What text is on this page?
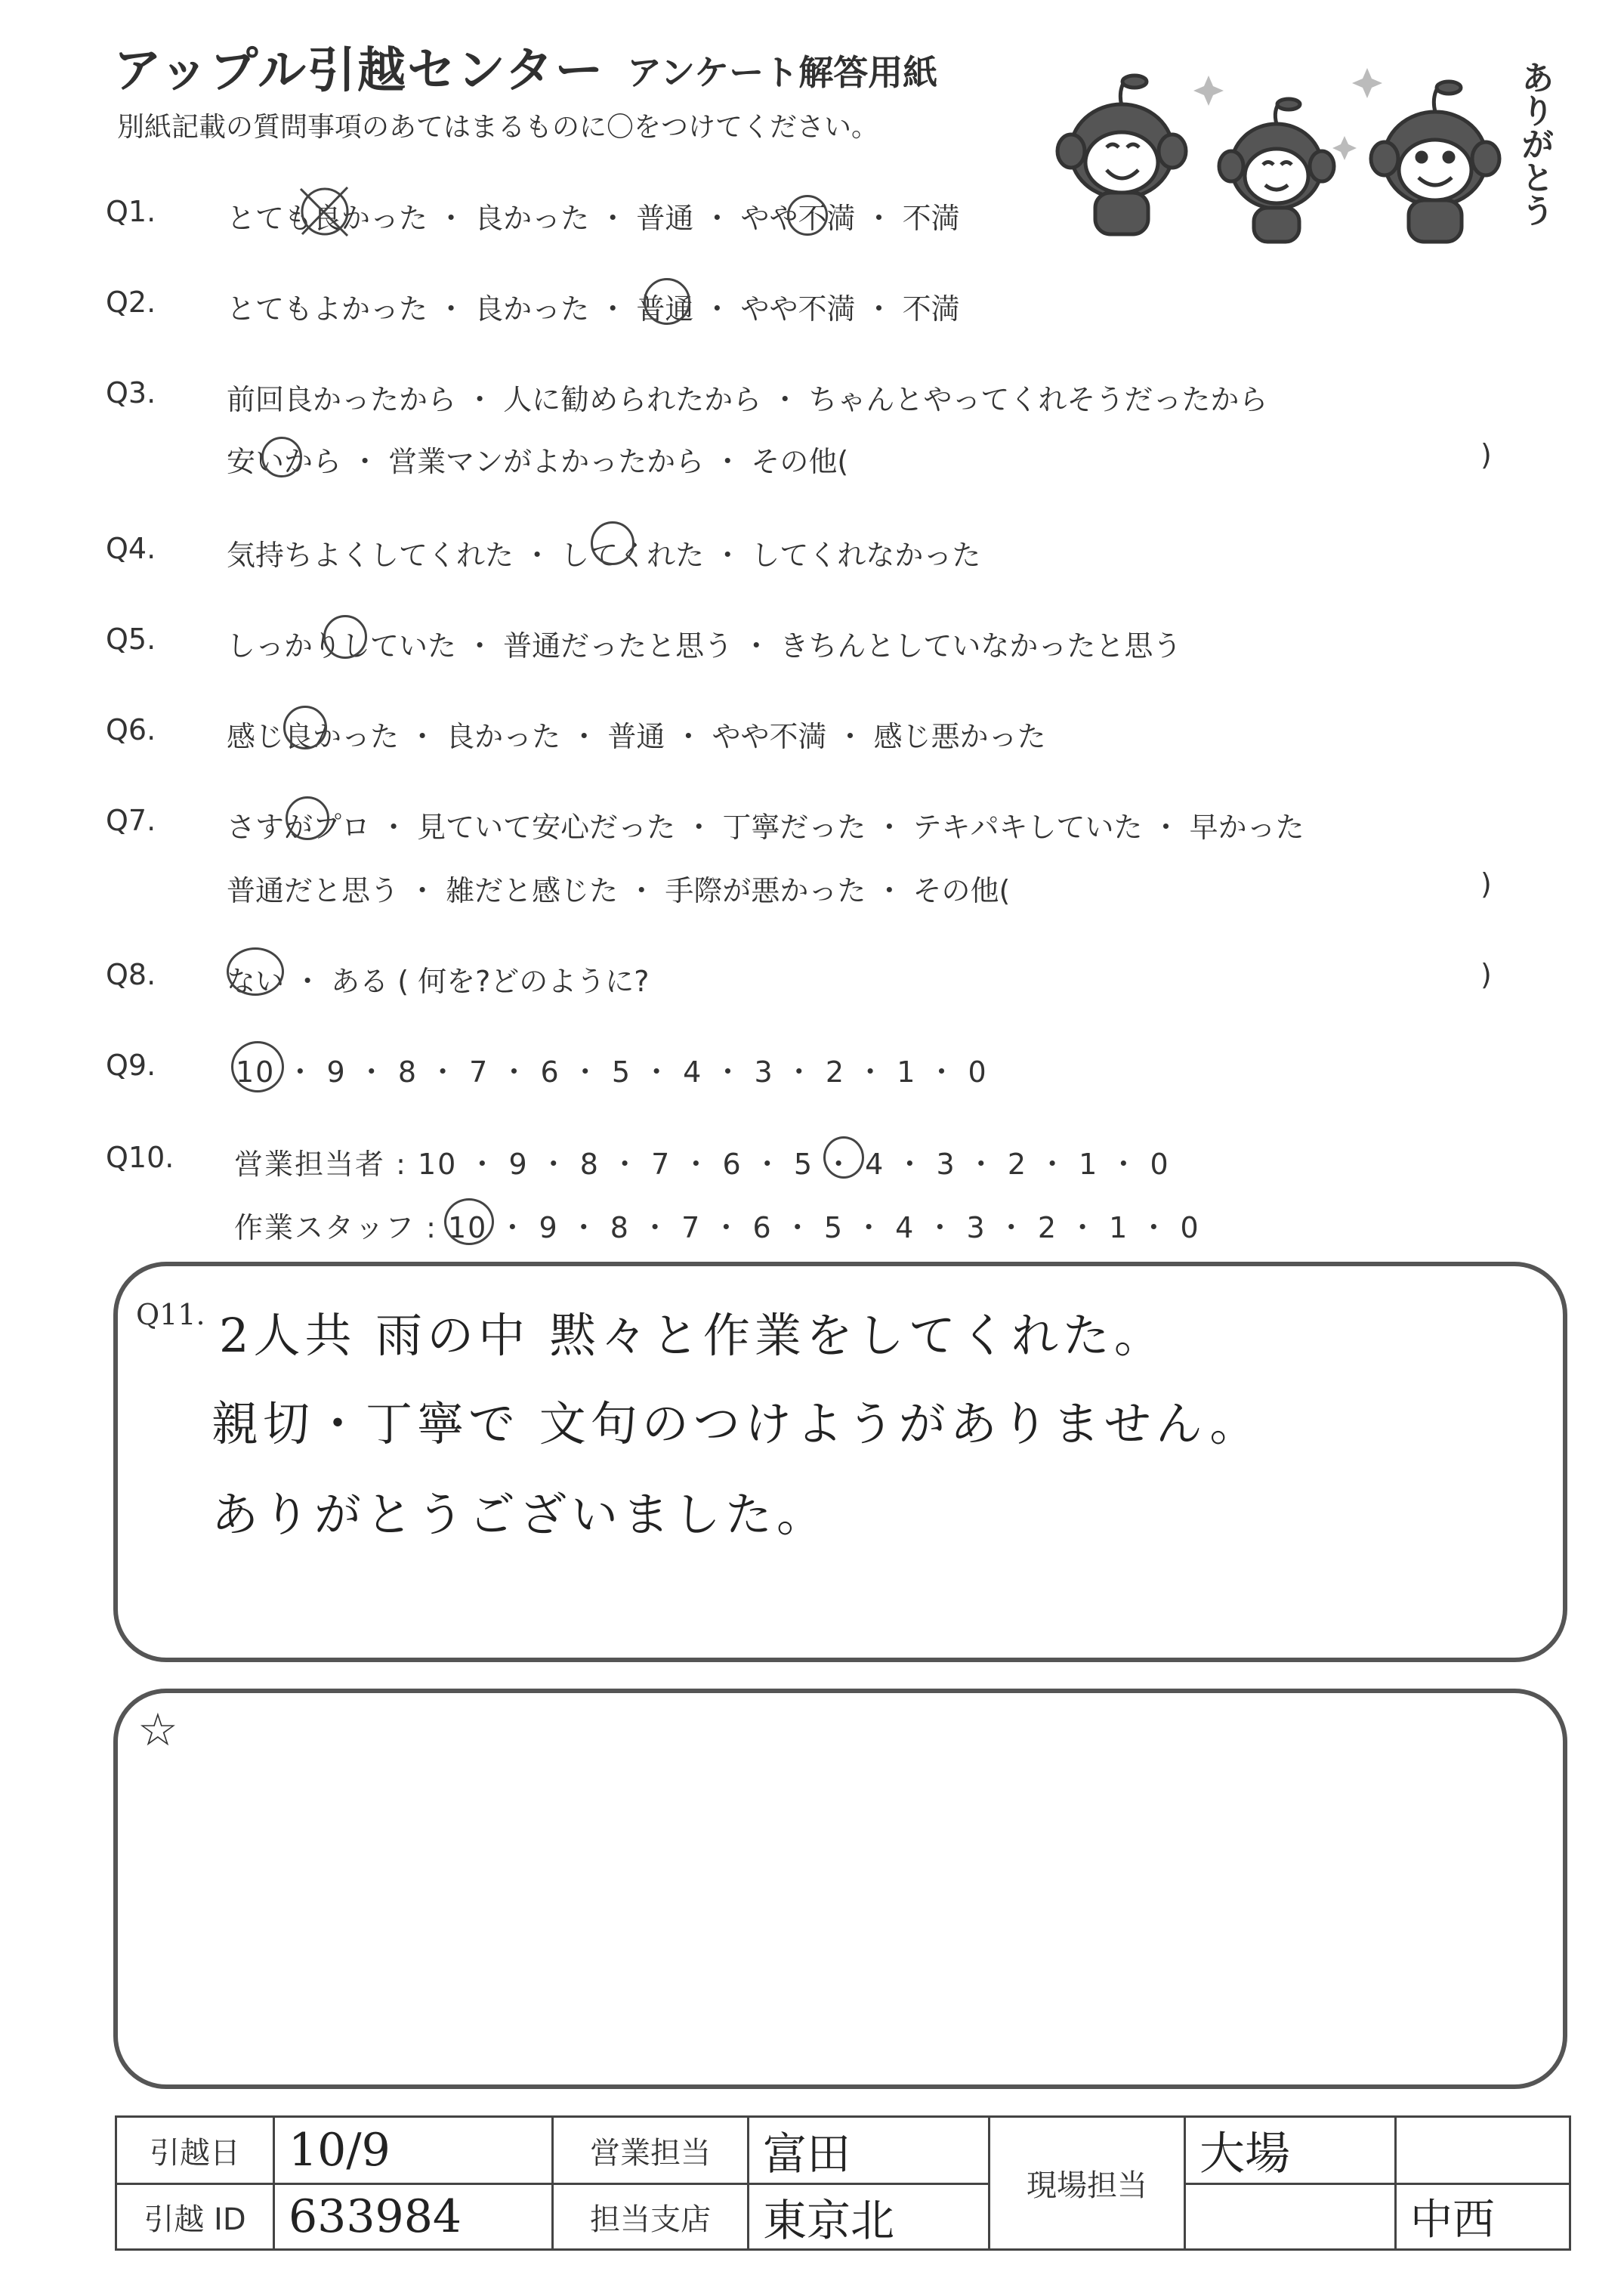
アップル引越センター アンケート解答用紙
別紙記載の質問事項のあてはまるものに〇をつけてください。	ありがとう
Q1. とても良かった ・ 良かった ・ 普通 ・ やや不満 ・ 不満
Q2. とてもよかった ・ 良かった ・ 普通 ・ やや不満 ・ 不満
Q3. 前回良かったから ・ 人に勧められたから ・ ちゃんとやってくれそうだったから
安いから ・ 営業マンがよかったから ・ その他(	)
Q4. 気持ちよくしてくれた ・ してくれた ・ してくれなかった
Q5. しっかりしていた ・ 普通だったと思う ・ きちんとしていなかったと思う
Q6. 感じ良かった ・ 良かった ・ 普通 ・ やや不満 ・ 感じ悪かった
Q7. さすがプロ ・ 見ていて安心だった ・ 丁寧だった ・ テキパキしていた ・ 早かった
普通だと思う ・ 雑だと感じた ・ 手際が悪かった ・ その他(	)
Q8. ない ・ ある ( 何を?どのように?	)
Q9.	10 ・ 9 ・ 8 ・ 7 ・ 6 ・ 5 ・ 4 ・ 3 ・ 2 ・ 1 ・ 0
Q10. 営業担当者 : 10 ・ 9 ・ 8 ・ 7 ・ 6 ・ 5 ・ 4 ・ 3 ・ 2 ・ 1 ・ 0
作業スタッフ : 10 ・ 9 ・ 8 ・ 7 ・ 6 ・ 5 ・ 4 ・ 3 ・ 2 ・ 1 ・ 0
Q11. 2人共 雨の中 黙々と作業をしてくれた。
親切・丁寧で 文句のつけようがありません。
ありがとうございました。
☆
引越日	10/9	営業担当	富田	現場担当	大場	
引越 ID	633984	担当支店	東京北			中西
